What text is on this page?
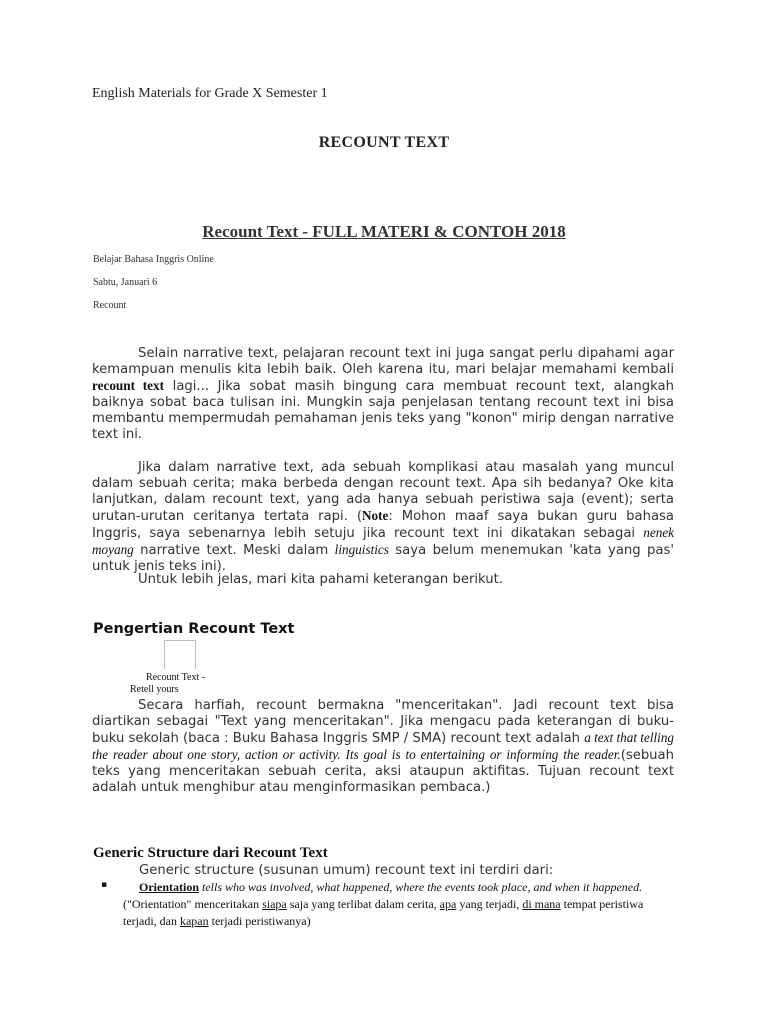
English Materials for Grade X Semester 1
RECOUNT TEXT
Recount Text - FULL MATERI & CONTOH 2018
Belajar Bahasa Inggris Online
Sabtu, Januari 6
Recount
Selain narrative text, pelajaran recount text ini juga sangat perlu dipahami agar kemampuan menulis kita lebih baik. Oleh karena itu, mari belajar memahami kembali recount text lagi... Jika sobat masih bingung cara membuat recount text, alangkah baiknya sobat baca tulisan ini. Mungkin saja penjelasan tentang recount text ini bisa membantu mempermudah pemahaman jenis teks yang "konon" mirip dengan narrative text ini.
Jika dalam narrative text, ada sebuah komplikasi atau masalah yang muncul dalam sebuah cerita; maka berbeda dengan recount text. Apa sih bedanya? Oke kita lanjutkan, dalam recount text, yang ada hanya sebuah peristiwa saja (event); serta urutan-urutan ceritanya tertata rapi. (Note: Mohon maaf saya bukan guru bahasa Inggris, saya sebenarnya lebih setuju jika recount text ini dikatakan sebagai nenek moyang narrative text. Meski dalam linguistics saya belum menemukan 'kata yang pas' untuk jenis teks ini).
Untuk lebih jelas, mari kita pahami keterangan berikut.
Pengertian Recount Text
Recount Text -
Retell yours
Secara harfiah, recount bermakna "menceritakan". Jadi recount text bisa diartikan sebagai "Text yang menceritakan". Jika mengacu pada keterangan di buku-buku sekolah (baca : Buku Bahasa Inggris SMP / SMA) recount text adalah a text that telling the reader about one story, action or activity. Its goal is to entertaining or informing the reader.(sebuah teks yang menceritakan sebuah cerita, aksi ataupun aktifitas. Tujuan recount text adalah untuk menghibur atau menginformasikan pembaca.)
Generic Structure dari Recount Text
Generic structure (susunan umum) recount text ini terdiri dari:
▪	Orientation tells who was involved, what happened, where the events took place, and when it happened. ("Orientation" menceritakan siapa saja yang terlibat dalam cerita, apa yang terjadi, di mana tempat peristiwa terjadi, dan kapan terjadi peristiwanya)
